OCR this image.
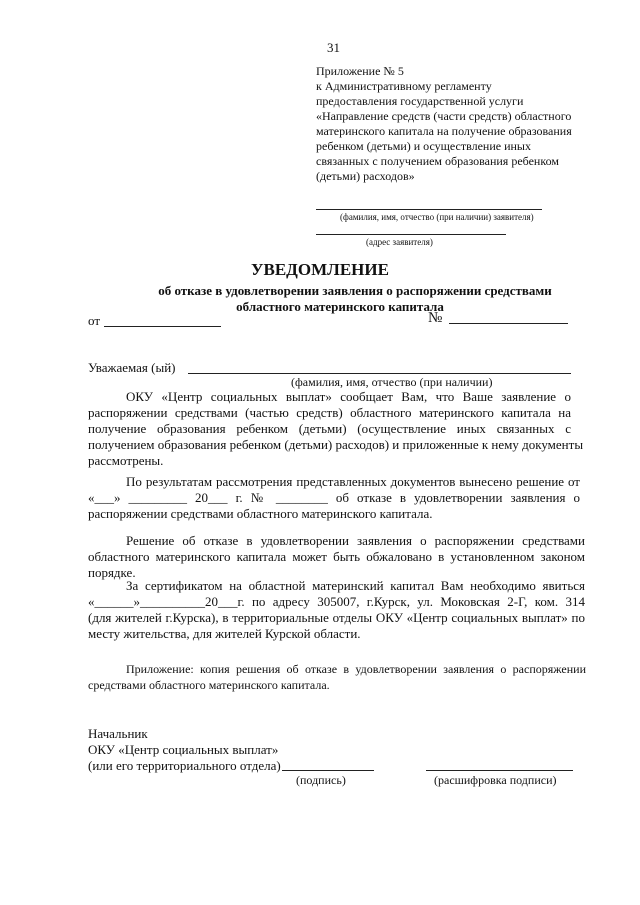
31
Приложение № 5
к Административному регламенту
предоставления государственной услуги
«Направление средств (части средств) областного
материнского капитала на получение образования
ребенком (детьми) и осуществление иных
связанных с получением образования ребенком
(детьми) расходов»
(фамилия, имя, отчество (при наличии) заявителя)
(адрес заявителя)
УВЕДОМЛЕНИЕ
об отказе в удовлетворении заявления о распоряжении средствами
областного материнского капитала
от	№
Уважаемая (ый)
(фамилия, имя, отчество (при наличии)
ОКУ «Центр социальных выплат» сообщает Вам, что Ваше заявление о
распоряжении средствами (частью средств) областного материнского капитала на
получение образования ребенком (детьми) (осуществление иных связанных с
получением образования ребенком (детьми) расходов) и приложенные к нему документы
рассмотрены.
По результатам рассмотрения представленных документов вынесено решение от
«___» _________ 20___ г. № ________ об отказе в удовлетворении заявления о
распоряжении средствами областного материнского капитала.
Решение об отказе в удовлетворении заявления о распоряжении средствами
областного материнского капитала может быть обжаловано в установленном законом
порядке.
За сертификатом на областной материнский капитал Вам необходимо явиться
«______»__________20___г. по адресу 305007, г.Курск, ул. Моковская 2-Г, ком. 314
(для жителей г.Курска), в территориальные отделы ОКУ «Центр социальных выплат» по
месту жительства, для жителей Курской области.
Приложение: копия решения об отказе в удовлетворении заявления о распоряжении
средствами областного материнского капитала.
Начальник
ОКУ «Центр социальных выплат»
(или его территориального отдела)
(подпись)	(расшифровка подписи)
